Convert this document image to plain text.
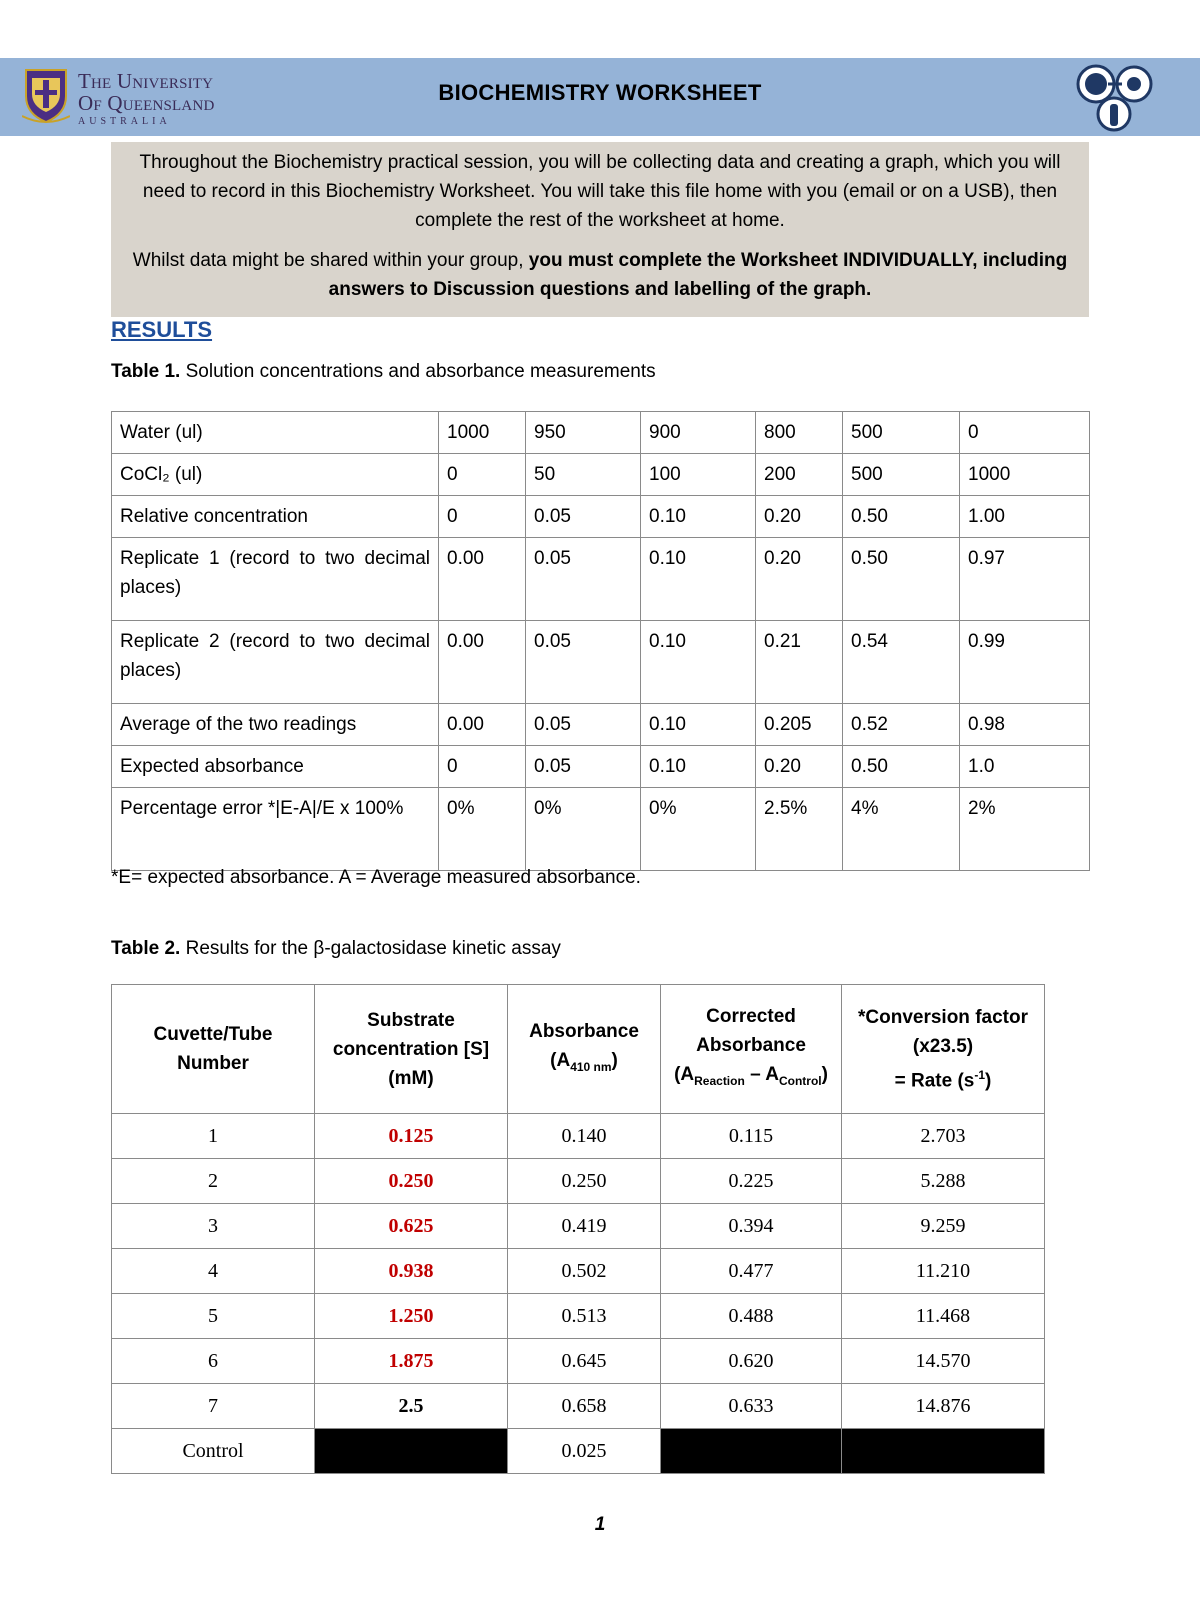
The University
Of Queensland
AUSTRALIA
BIOCHEMISTRY WORKSHEET

Throughout the Biochemistry practical session, you will be collecting data and creating a graph, which you will need to record in this Biochemistry Worksheet. You will take this file home with you (email or on a USB), then complete the rest of the worksheet at home.

Whilst data might be shared within your group, you must complete the Worksheet INDIVIDUALLY, including answers to Discussion questions and labelling of the graph.

RESULTS
Table 1. Solution concentrations and absorbance measurements
Water (ul)	1000	950	900	800	500	0
CoCl₂ (ul)	0	50	100	200	500	1000
Relative concentration	0	0.05	0.10	0.20	0.50	1.00
Replicate 1 (record to two decimal places)	0.00	0.05	0.10	0.20	0.50	0.97
Replicate 2 (record to two decimal places)	0.00	0.05	0.10	0.21	0.54	0.99
Average of the two readings	0.00	0.05	0.10	0.205	0.52	0.98
Expected absorbance	0	0.05	0.10	0.20	0.50	1.0
Percentage error *|E-A|/E x 100%	0%	0%	0%	2.5%	4%	2%
*E= expected absorbance. A = Average measured absorbance.
Table 2. Results for the β-galactosidase kinetic assay
Cuvette/Tube Number	Substrate concentration [S] (mM)	Absorbance $(A_{410 nm})$	Corrected Absorbance $(A_{Reaction} - A_{Control})$	*Conversion factor (x23.5)
= Rate $(s^{-1})$
1	0.125	0.140	0.115	2.703
2	0.250	0.250	0.225	5.288
3	0.625	0.419	0.394	9.259
4	0.938	0.502	0.477	11.210
5	1.250	0.513	0.488	11.468
6	1.875	0.645	0.620	14.570
7	2.5	0.658	0.633	14.876
Control		0.025		
1
